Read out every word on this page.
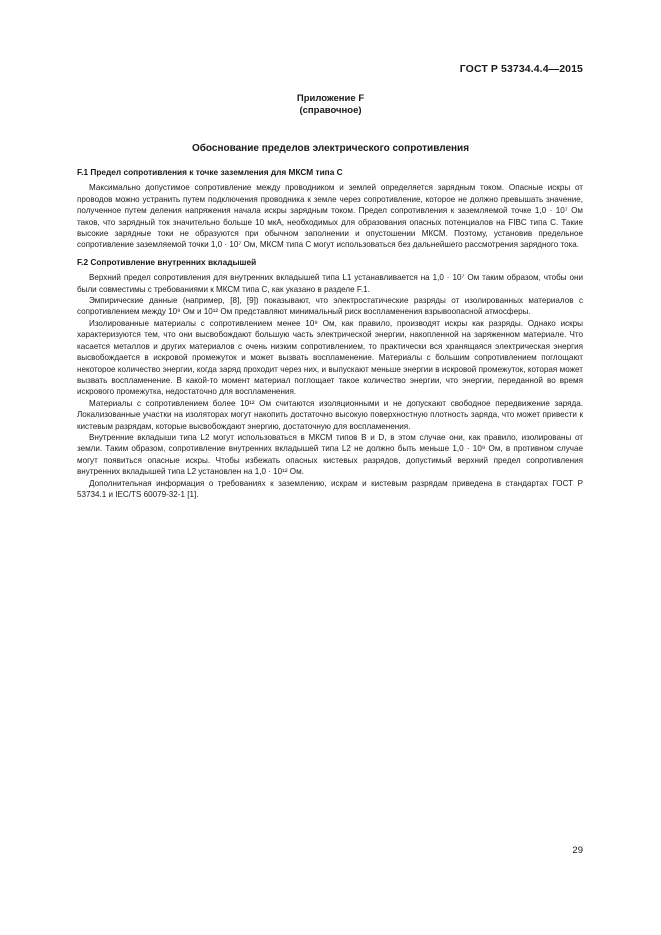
ГОСТ Р 53734.4.4—2015
Приложение F
(справочное)
Обоснование пределов электрического сопротивления
F.1 Предел сопротивления к точке заземления для МКСМ типа С

Максимально допустимое сопротивление между проводником и землей определяется зарядным током. Опасные искры от проводов можно устранить путем подключения проводника к земле через сопротивление, которое не должно превышать значение, полученное путем деления напряжения начала искры зарядным током. Предел сопротивления к заземляемой точке 1,0 · 10⁷ Ом таков, что зарядный ток значительно больше 10 мкА, необходимых для образования опасных потенциалов на FIBC типа С. Такие высокие зарядные токи не образуются при обычном заполнении и опустошении МКСМ. Поэтому, установив предельное сопротивление заземляемой точки 1,0 · 10⁷ Ом, МКСМ типа С могут использоваться без дальнейшего рассмотрения зарядного тока.

F.2 Сопротивление внутренних вкладышей

Верхний предел сопротивления для внутренних вкладышей типа L1 устанавливается на 1,0 · 10⁷ Ом таким образом, чтобы они были совместимы с требованиями к МКСМ типа С, как указано в разделе F.1.

Эмпирические данные (например, [8], [9]) показывают, что электростатические разряды от изолированных материалов с сопротивлением между 10⁹ Ом и 10¹² Ом представляют минимальный риск воспламенения взрывоопасной атмосферы.

Изолированные материалы с сопротивлением менее 10⁹ Ом, как правило, производят искры как разряды. Однако искры характеризуются тем, что они высвобождают большую часть электрической энергии, накопленной на заряженном материале. Что касается металлов и других материалов с очень низким сопротивлением, то практически вся хранящаяся электрическая энергия высвобождается в искровой промежуток и может вызвать воспламенение. Материалы с большим сопротивлением поглощают некоторое количество энергии, когда заряд проходит через них, и выпускают меньше энергии в искровой промежуток, которая может вызвать воспламенение. В какой-то момент материал поглощает такое количество энергии, что энергии, переданной во время искрового промежутка, недостаточно для воспламенения.

Материалы с сопротивлением более 10¹² Ом считаются изоляционными и не допускают свободное передвижение заряда. Локализованные участки на изоляторах могут накопить достаточно высокую поверхностную плотность заряда, что может привести к кистевым разрядам, которые высвобождают энергию, достаточную для воспламенения.

Внутренние вкладыши типа L2 могут использоваться в МКСМ типов В и D, в этом случае они, как правило, изолированы от земли. Таким образом, сопротивление внутренних вкладышей типа L2 не должно быть меньше 1,0 · 10⁹ Ом, в противном случае могут появиться опасные искры. Чтобы избежать опасных кистевых разрядов, допустимый верхний предел сопротивления внутренних вкладышей типа L2 установлен на 1,0 · 10¹² Ом.

Дополнительная информация о требованиях к заземлению, искрам и кистевым разрядам приведена в стандартах ГОСТ Р 53734.1 и IEC/TS 60079-32-1 [1].

29
